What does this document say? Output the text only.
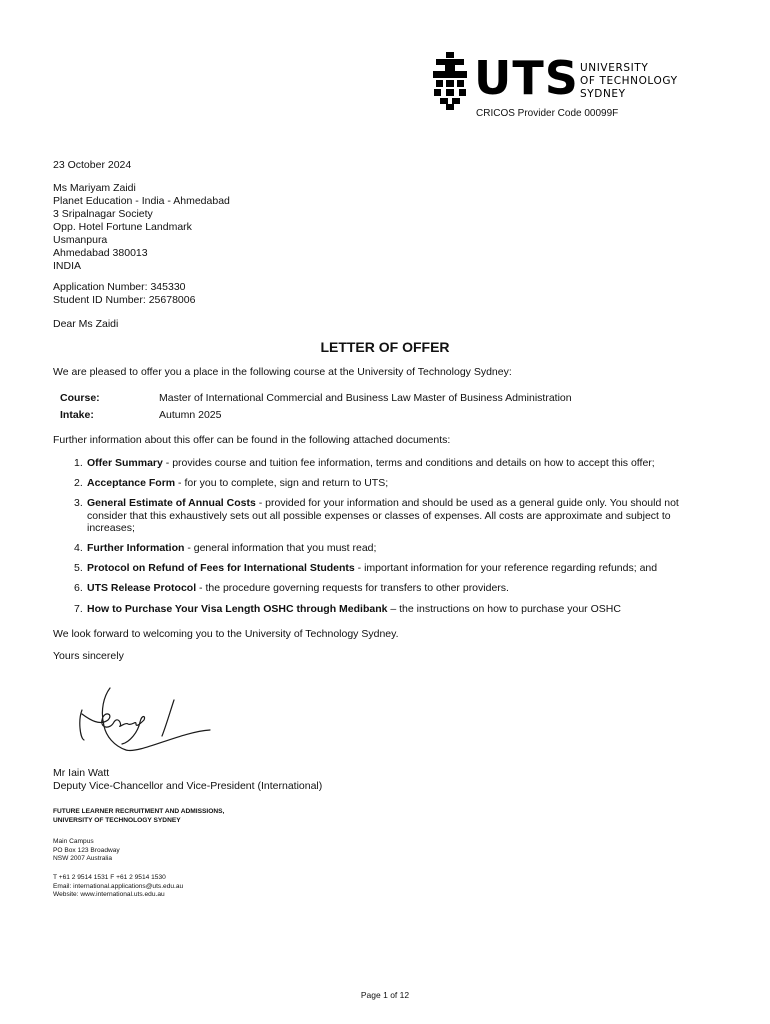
UTS UNIVERSITY
OF TECHNOLOGY
SYDNEY
CRICOS Provider Code 00099F
23 October 2024
Ms Mariyam Zaidi
Planet Education - India - Ahmedabad
3 Sripalnagar Society
Opp. Hotel Fortune Landmark
Usmanpura
Ahmedabad 380013
INDIA
Application Number: 345330
Student ID Number: 25678006
Dear Ms Zaidi
LETTER OF OFFER
We are pleased to offer you a place in the following course at the University of Technology Sydney:
Course:	Master of International Commercial and Business Law Master of Business Administration
Intake:	Autumn 2025
Further information about this offer can be found in the following attached documents:
1. Offer Summary - provides course and tuition fee information, terms and conditions and details on how to accept this offer;
2. Acceptance Form - for you to complete, sign and return to UTS;
3. General Estimate of Annual Costs - provided for your information and should be used as a general guide only. You should not consider that this exhaustively sets out all possible expenses or classes of expenses. All costs are approximate and subject to increases;
4. Further Information - general information that you must read;
5. Protocol on Refund of Fees for International Students - important information for your reference regarding refunds; and
6. UTS Release Protocol - the procedure governing requests for transfers to other providers.
7. How to Purchase Your Visa Length OSHC through Medibank – the instructions on how to purchase your OSHC
We look forward to welcoming you to the University of Technology Sydney.
Yours sincerely
Mr Iain Watt
Deputy Vice-Chancellor and Vice-President (International)
FUTURE LEARNER RECRUITMENT AND ADMISSIONS,
UNIVERSITY OF TECHNOLOGY SYDNEY
Main Campus
PO Box 123 Broadway
NSW 2007 Australia
T +61 2 9514 1531 F +61 2 9514 1530
Email: international.applications@uts.edu.au
Website: www.international.uts.edu.au
Page 1 of 12
